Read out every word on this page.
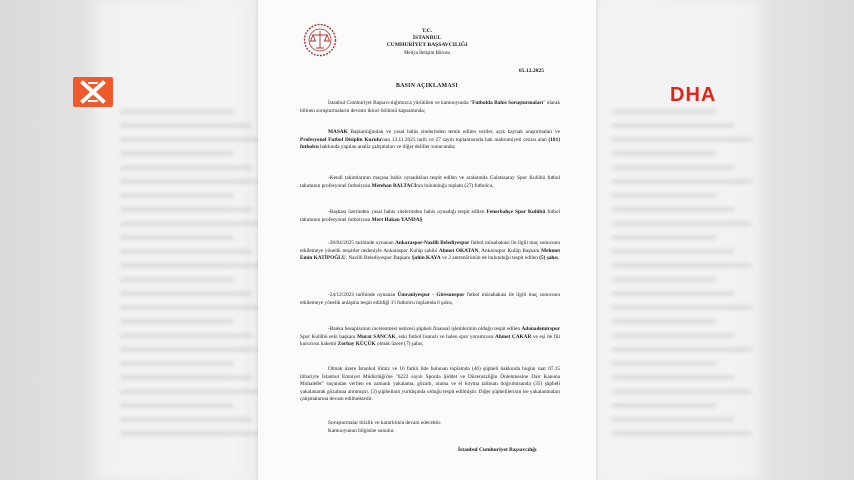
DHA
T.C.
İSTANBUL
CUMHURİYET BAŞSAVCILIĞI
Medya İletişim Bürosu
05.12.2025
BASIN AÇIKLAMASI

İstanbul Cumhuriyet Başsavcılığımızca yürütülen ve kamuoyunda "Futbolda Bahis Soruşturmaları" olarak bilinen soruşturmaların devamı ikinci bölümü kapsamında;

MASAK Başkanlığından ve yasal bahis sitelerinden temin edilen veriler, açık kaynak araştırmaları ve Profesyonel Futbol Disiplin Kurulu'nun 13.11.2025 tarih ve 27 sayılı toplantısında hak mahrumiyeti cezası alan (101) futbolcu hakkında yapılan analiz çalışmaları ve diğer deliller sonucunda;

-Kendi takımlarının maçına bahis oynadıkları tespit edilen ve aralarında Galatasaray Spor Kulübü futbol takımının profesyonel futbolcusu Metehan BALTACInın bulunduğu toplam (27) futbolcu,

-Başkası üzerinden yasal bahis sitelerinden bahis oynadığı tespit edilen Fenerbahçe Spor Kulübü futbol takımının profesyonel futbolcusu Mert Hakan YANDAŞ

-28/04/2025 tarihinde oynanan Ankaraspor-Nazilli Belediyespor futbol müsabakası ile ilgili maç sonucunu etkilemeye yönelik tespitler nedeniyle Ankaraspor Kulüp sahibi Ahmet OKATAN, Ankaraspor Kulüp Başkanı Mehmet Emin KATİPOĞLU, Nazilli Belediyespor Başkanı Şahin KAYA ve 2 antrenörünün de bulunduğu tespit edilen (5) şahıs,

-24/12/2023 tarihinde oynanan Ümraniyespor - Giresunspor futbol müsabakası ile ilgili maç sonucunu etkilemeye yönelik anlaşma tespit edildiği 1'i futbolcu toplamda 6 şahıs,

-Banka hesaplarının incelenmesi neticesi şüpheli finansal işlemlerinin olduğu tespit edilen Adanademirspor Spor Kulübü eski başkanı Murat SANCAK, eski futbol lisanslı ve halen spor yorumcusu Ahmet ÇAKAR ve eşi ile fiil kurucusu hakemi Zorbay KÜÇÜK olmak üzere (7) şahıs,

Olmak üzere İstanbul ilimiz ve 16 farklı ilde bulunan toplamda (46) şüpheli hakkında bugün saat 07.15 itibariyle İstanbul Emniyet Müdürlüğü'ne "6222 sayılı Sporda Şiddet ve Düzensizliğin Önlenmesine Dair Kanuna Muhalefet" suçundan verilen en zamanlı yakalama, gözaltı, arama ve el koyma talimatı doğrultusunda (35) şüpheli yakalanarak gözaltına alınmıştır. (3) şüphelinin yurtdışında olduğu tespit edilmiştir. Diğer şüphelilerinin ise yakalanmaları çalışmalarına devam edilmektedir.

Soruşturmalar titizlik ve kararlılıkla devam edecektir.

Kamuoyunun bilgisine sunulur.

İstanbul Cumhuriyet Başsavcılığı
